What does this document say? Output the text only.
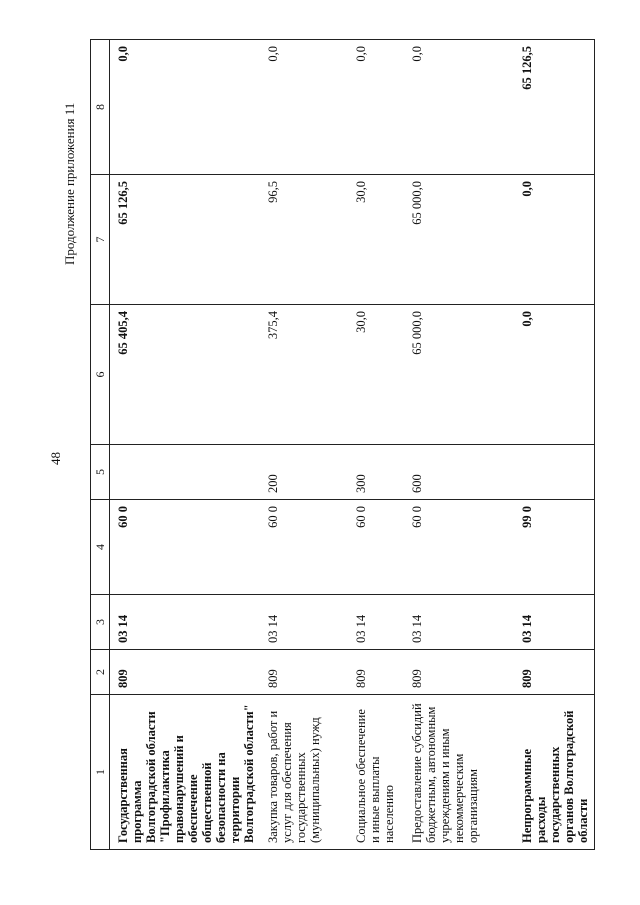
48
Продолжение приложения 11
1	2	3	4	5	6	7	8
Государственная программа Волгоградской области "Профилактика правонарушений и обеспечение общественной безопасности на территории Волгоградской области"	809	03 14	60 0		65 405,4	65 126,5	0,0
Закупка товаров, работ и услуг для обеспечения государственных (муниципальных) нужд	809	03 14	60 0	200	375,4	96,5	0,0
Социальное обеспечение и иные выплаты населению	809	03 14	60 0	300	30,0	30,0	0,0
Предоставление субсидий бюджетным, автономным учреждениям и иным некоммерческим организациям	809	03 14	60 0	600	65 000,0	65 000,0	0,0
Непрограммные расходы государственных органов Волгоградской области	809	03 14	99 0		0,0	0,0	65 126,5
